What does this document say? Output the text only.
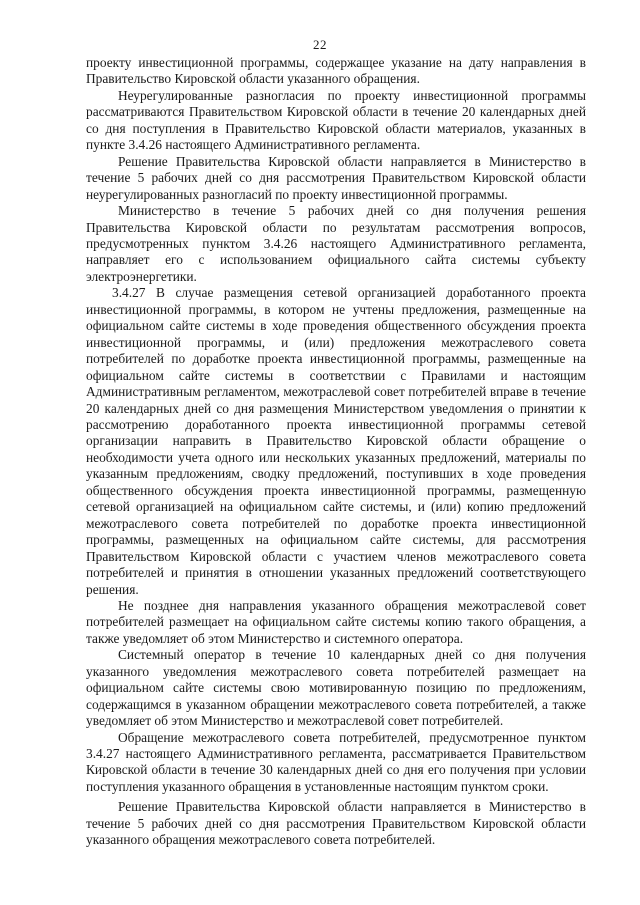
22

проекту инвестиционной программы, содержащее указание на дату направления в Правительство Кировской области указанного обращения.

Неурегулированные разногласия по проекту инвестиционной программы рассматриваются Правительством Кировской области в течение 20 календарных дней со дня поступления в Правительство Кировской области материалов, указанных в пункте 3.4.26 настоящего Административного регламента.

Решение Правительства Кировской области направляется в Министерство в течение 5 рабочих дней со дня рассмотрения Правительством Кировской области неурегулированных разногласий по проекту инвестиционной программы.

Министерство в течение 5 рабочих дней со дня получения решения Правительства Кировской области по результатам рассмотрения вопросов, предусмотренных пунктом 3.4.26 настоящего Административного регламента, направляет его с использованием официального сайта системы субъекту электроэнергетики.

3.4.27 В случае размещения сетевой организацией доработанного проекта инвестиционной программы, в котором не учтены предложения, размещенные на официальном сайте системы в ходе проведения общественного обсуждения проекта инвестиционной программы, и (или) предложения межотраслевого совета потребителей по доработке проекта инвестиционной программы, размещенные на официальном сайте системы в соответствии с Правилами и настоящим Административным регламентом, межотраслевой совет потребителей вправе в течение 20 календарных дней со дня размещения Министерством уведомления о принятии к рассмотрению доработанного проекта инвестиционной программы сетевой организации направить в Правительство Кировской области обращение о необходимости учета одного или нескольких указанных предложений, материалы по указанным предложениям, сводку предложений, поступивших в ходе проведения общественного обсуждения проекта инвестиционной программы, размещенную сетевой организацией на официальном сайте системы, и (или) копию предложений межотраслевого совета потребителей по доработке проекта инвестиционной программы, размещенных на официальном сайте системы, для рассмотрения Правительством Кировской области с участием членов межотраслевого совета потребителей и принятия в отношении указанных предложений соответствующего решения.

Не позднее дня направления указанного обращения межотраслевой совет потребителей размещает на официальном сайте системы копию такого обращения, а также уведомляет об этом Министерство и системного оператора.

Системный оператор в течение 10 календарных дней со дня получения указанного уведомления межотраслевого совета потребителей размещает на официальном сайте системы свою мотивированную позицию по предложениям, содержащимся в указанном обращении межотраслевого совета потребителей, а также уведомляет об этом Министерство и межотраслевой совет потребителей.

Обращение межотраслевого совета потребителей, предусмотренное пунктом 3.4.27 настоящего Административного регламента, рассматривается Правительством Кировской области в течение 30 календарных дней со дня его получения при условии поступления указанного обращения в установленные настоящим пунктом сроки.

Решение Правительства Кировской области направляется в Министерство в течение 5 рабочих дней со дня рассмотрения Правительством Кировской области указанного обращения межотраслевого совета потребителей.
